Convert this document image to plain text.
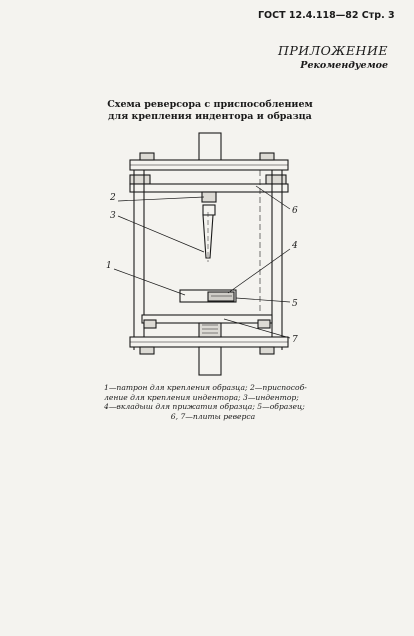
ГОСТ 12.4.118—82 Стр. 3
ПРИЛОЖЕНИЕ
Рекомендуемое
Схема реверсора с приспособлением
для крепления индентора и образца
2
3
1
6
4
5
7
1—патрон для крепления образца; 2—приспособ-
ление для крепления индентора; 3—индентор;
4—вкладыш для прижатия образца; 5—образец;
6, 7—плиты реверса
